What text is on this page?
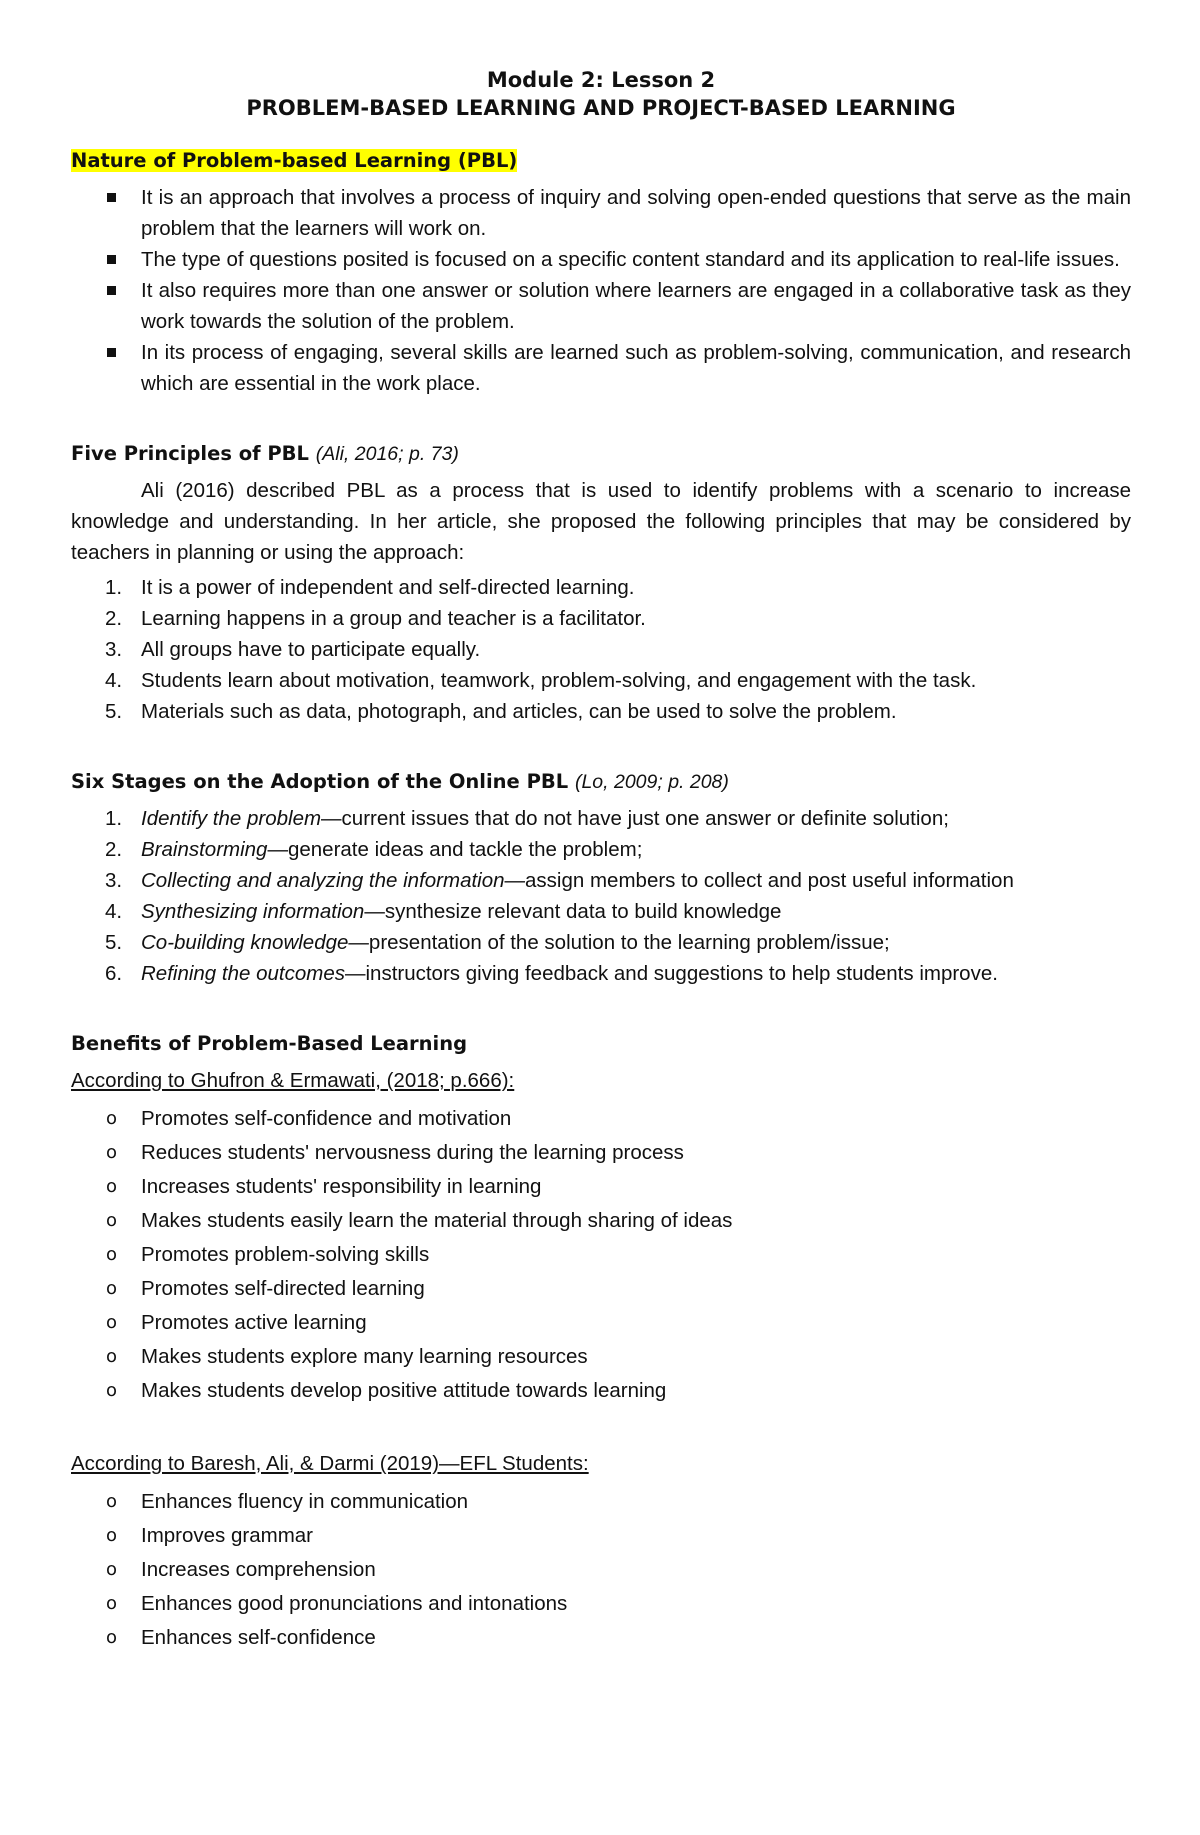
Module 2: Lesson 2
PROBLEM-BASED LEARNING AND PROJECT-BASED LEARNING

Nature of Problem-based Learning (PBL)

It is an approach that involves a process of inquiry and solving open-ended questions that serve as the main problem that the learners will work on.
The type of questions posited is focused on a specific content standard and its application to real-life issues.
It also requires more than one answer or solution where learners are engaged in a collaborative task as they work towards the solution of the problem.
In its process of engaging, several skills are learned such as problem-solving, communication, and research which are essential in the work place.

Five Principles of PBL (Ali, 2016; p. 73)

Ali (2016) described PBL as a process that is used to identify problems with a scenario to increase knowledge and understanding. In her article, she proposed the following principles that may be considered by teachers in planning or using the approach:

1. It is a power of independent and self-directed learning.
2. Learning happens in a group and teacher is a facilitator.
3. All groups have to participate equally.
4. Students learn about motivation, teamwork, problem-solving, and engagement with the task.
5. Materials such as data, photograph, and articles, can be used to solve the problem.

Six Stages on the Adoption of the Online PBL (Lo, 2009; p. 208)

1. Identify the problem—current issues that do not have just one answer or definite solution;
2. Brainstorming—generate ideas and tackle the problem;
3. Collecting and analyzing the information—assign members to collect and post useful information
4. Synthesizing information—synthesize relevant data to build knowledge
5. Co-building knowledge—presentation of the solution to the learning problem/issue;
6. Refining the outcomes—instructors giving feedback and suggestions to help students improve.

Benefits of Problem-Based Learning

According to Ghufron & Ermawati, (2018; p.666):

o Promotes self-confidence and motivation
o Reduces students' nervousness during the learning process
o Increases students' responsibility in learning
o Makes students easily learn the material through sharing of ideas
o Promotes problem-solving skills
o Promotes self-directed learning
o Promotes active learning
o Makes students explore many learning resources
o Makes students develop positive attitude towards learning

According to Baresh, Ali, & Darmi (2019)—EFL Students:

o Enhances fluency in communication
o Improves grammar
o Increases comprehension
o Enhances good pronunciations and intonations
o Enhances self-confidence
